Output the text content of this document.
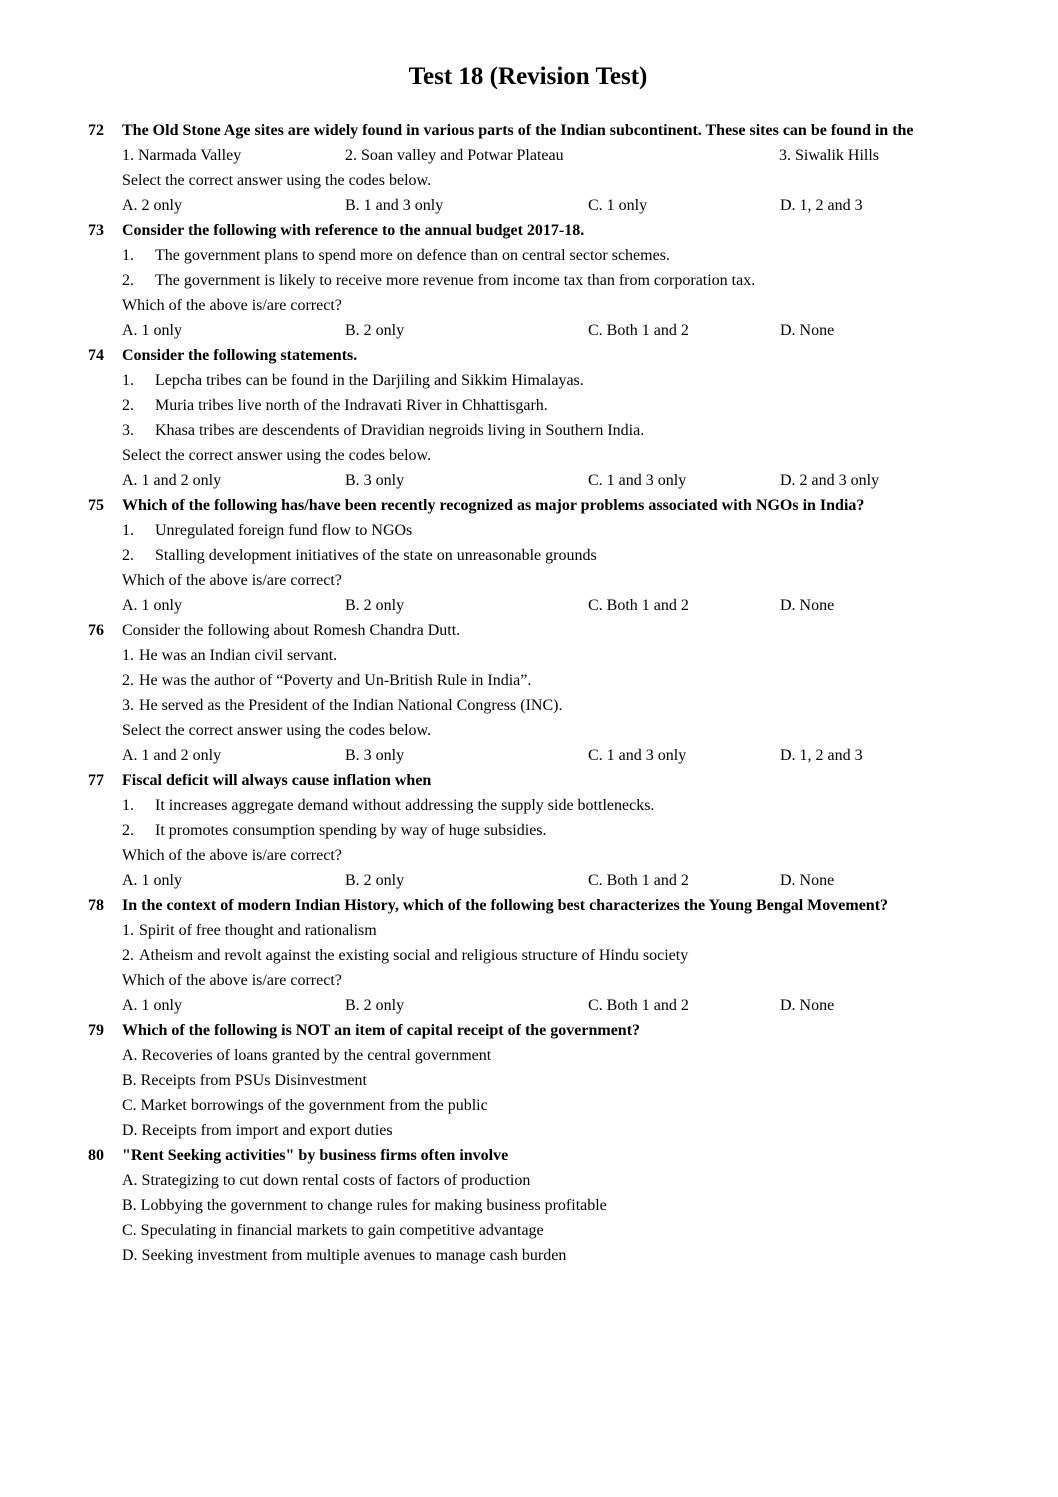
Test 18 (Revision Test)
72	The Old Stone Age sites are widely found in various parts of the Indian subcontinent. These sites can be found in the
1. Narmada Valley	2. Soan valley and Potwar Plateau	3. Siwalik Hills
Select the correct answer using the codes below.
A. 2 only	B. 1 and 3 only	C. 1 only	D. 1, 2 and 3
73	Consider the following with reference to the annual budget 2017-18.
1. The government plans to spend more on defence than on central sector schemes.
2. The government is likely to receive more revenue from income tax than from corporation tax.
Which of the above is/are correct?
A. 1 only	B. 2 only	C. Both 1 and 2	D. None
74	Consider the following statements.
1. Lepcha tribes can be found in the Darjiling and Sikkim Himalayas.
2. Muria tribes live north of the Indravati River in Chhattisgarh.
3. Khasa tribes are descendents of Dravidian negroids living in Southern India.
Select the correct answer using the codes below.
A. 1 and 2 only	B. 3 only	C. 1 and 3 only	D. 2 and 3 only
75	Which of the following has/have been recently recognized as major problems associated with NGOs in India?
1. Unregulated foreign fund flow to NGOs
2. Stalling development initiatives of the state on unreasonable grounds
Which of the above is/are correct?
A. 1 only	B. 2 only	C. Both 1 and 2	D. None
76	Consider the following about Romesh Chandra Dutt.
1. He was an Indian civil servant.
2. He was the author of “Poverty and Un-British Rule in India”.
3. He served as the President of the Indian National Congress (INC).
Select the correct answer using the codes below.
A. 1 and 2 only	B. 3 only	C. 1 and 3 only	D. 1, 2 and 3
77	Fiscal deficit will always cause inflation when
1. It increases aggregate demand without addressing the supply side bottlenecks.
2. It promotes consumption spending by way of huge subsidies.
Which of the above is/are correct?
A. 1 only	B. 2 only	C. Both 1 and 2	D. None
78	In the context of modern Indian History, which of the following best characterizes the Young Bengal Movement?
1. Spirit of free thought and rationalism
2. Atheism and revolt against the existing social and religious structure of Hindu society
Which of the above is/are correct?
A. 1 only	B. 2 only	C. Both 1 and 2	D. None
79	Which of the following is NOT an item of capital receipt of the government?
A. Recoveries of loans granted by the central government
B. Receipts from PSUs Disinvestment
C. Market borrowings of the government from the public
D. Receipts from import and export duties
80	"Rent Seeking activities" by business firms often involve
A. Strategizing to cut down rental costs of factors of production
B. Lobbying the government to change rules for making business profitable
C. Speculating in financial markets to gain competitive advantage
D. Seeking investment from multiple avenues to manage cash burden
